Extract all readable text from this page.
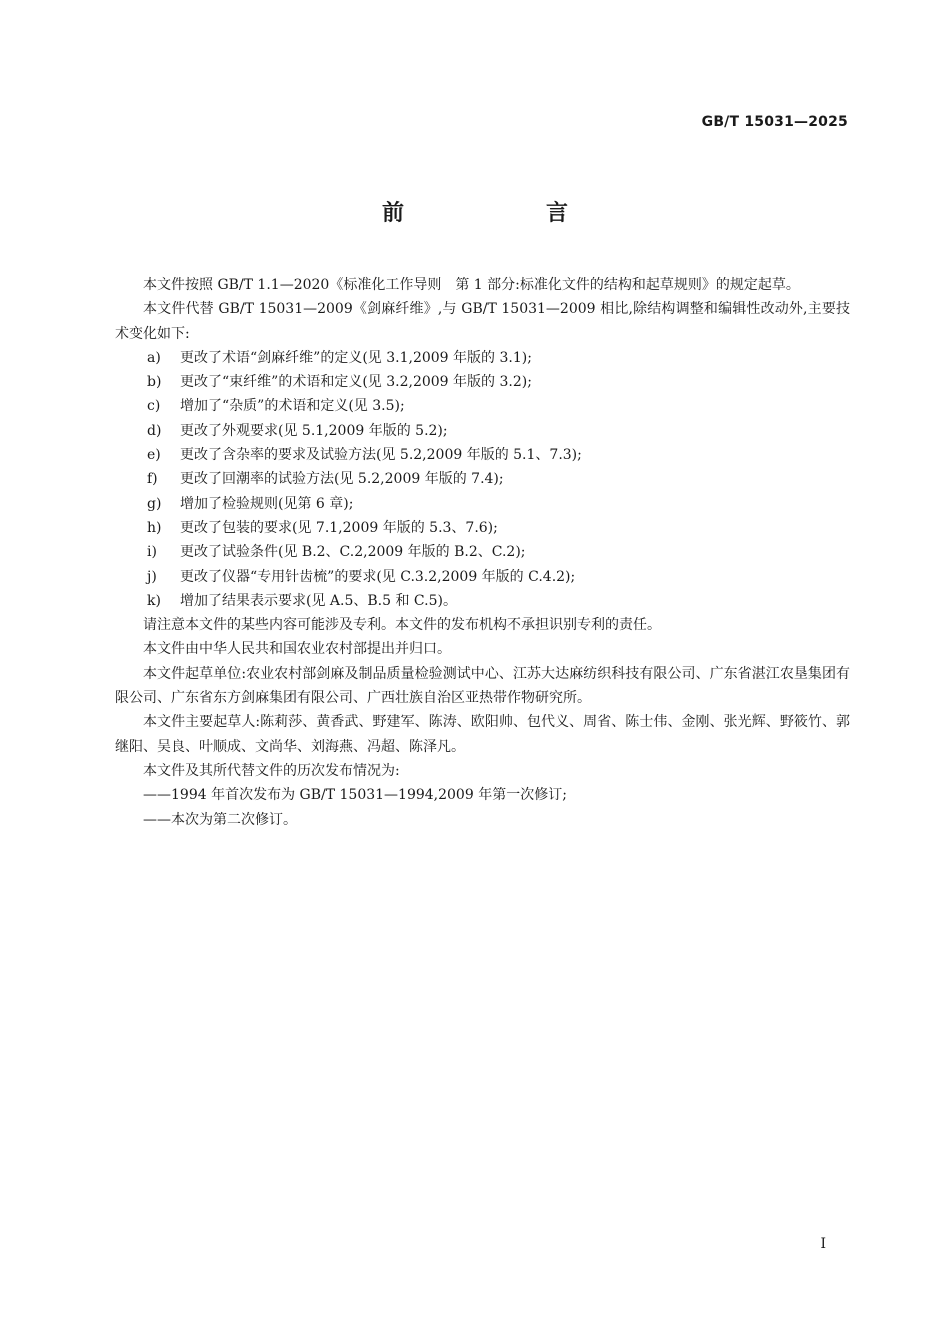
GB/T 15031—2025
前　言

本文件按照 GB/T 1.1—2020《标准化工作导则　第 1 部分:标准化文件的结构和起草规则》的规定起草。

本文件代替 GB/T 15031—2009《剑麻纤维》,与 GB/T 15031—2009 相比,除结构调整和编辑性改动外,主要技术变化如下:

a)	更改了术语“剑麻纤维”的定义(见 3.1,2009 年版的 3.1);
b)	更改了“束纤维”的术语和定义(见 3.2,2009 年版的 3.2);
c)	增加了“杂质”的术语和定义(见 3.5);
d)	更改了外观要求(见 5.1,2009 年版的 5.2);
e)	更改了含杂率的要求及试验方法(见 5.2,2009 年版的 5.1、7.3);
f)	更改了回潮率的试验方法(见 5.2,2009 年版的 7.4);
g)	增加了检验规则(见第 6 章);
h)	更改了包装的要求(见 7.1,2009 年版的 5.3、7.6);
i)	更改了试验条件(见 B.2、C.2,2009 年版的 B.2、C.2);
j)	更改了仪器“专用针齿梳”的要求(见 C.3.2,2009 年版的 C.4.2);
k)	增加了结果表示要求(见 A.5、B.5 和 C.5)。

请注意本文件的某些内容可能涉及专利。本文件的发布机构不承担识别专利的责任。

本文件由中华人民共和国农业农村部提出并归口。

本文件起草单位:农业农村部剑麻及制品质量检验测试中心、江苏大达麻纺织科技有限公司、广东省湛江农垦集团有限公司、广东省东方剑麻集团有限公司、广西壮族自治区亚热带作物研究所。

本文件主要起草人:陈莉莎、黄香武、野建军、陈涛、欧阳帅、包代义、周省、陈士伟、金刚、张光辉、野筱竹、郭继阳、吴良、叶顺成、文尚华、刘海燕、冯超、陈泽凡。

本文件及其所代替文件的历次发布情况为:

——1994 年首次发布为 GB/T 15031—1994,2009 年第一次修订;

——本次为第二次修订。

I
